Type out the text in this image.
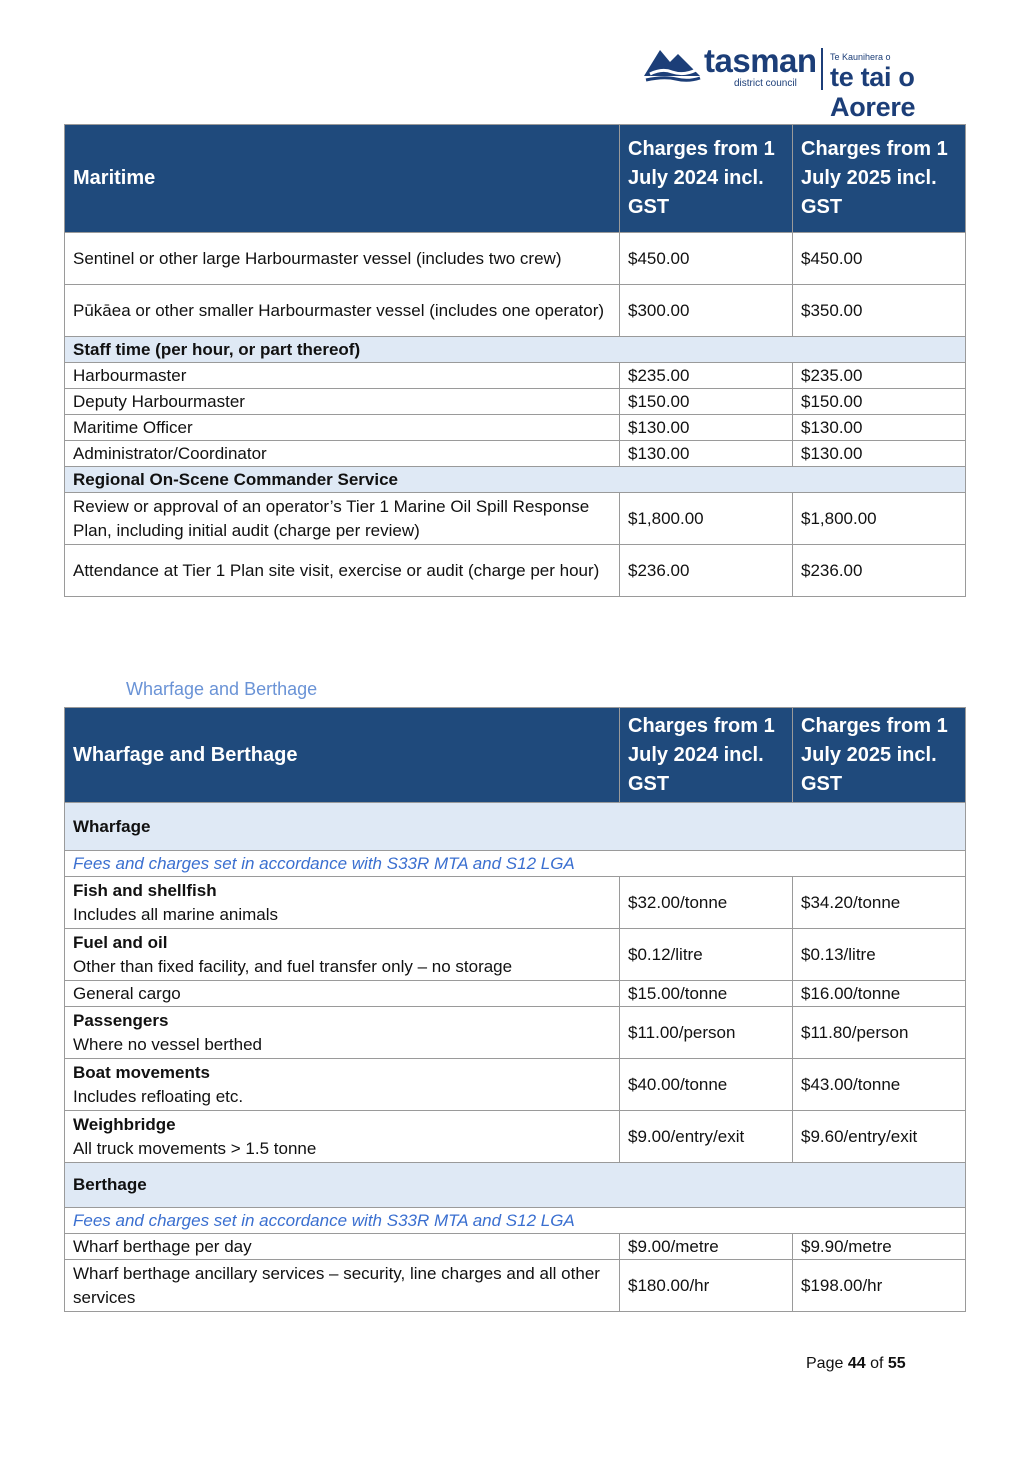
tasman
district council
Te Kaunihera o
te tai o Aorere
Maritime	Charges from 1 July 2024 incl. GST	Charges from 1 July 2025 incl. GST
Sentinel or other large Harbourmaster vessel (includes two crew)	$450.00	$450.00
Pūkāea or other smaller Harbourmaster vessel (includes one operator)	$300.00	$350.00
Staff time (per hour, or part thereof)		
Harbourmaster	$235.00	$235.00
Deputy Harbourmaster	$150.00	$150.00
Maritime Officer	$130.00	$130.00
Administrator/Coordinator	$130.00	$130.00
Regional On-Scene Commander Service		
Review or approval of an operator’s Tier 1 Marine Oil Spill Response Plan, including initial audit (charge per review)	$1,800.00	$1,800.00
Attendance at Tier 1 Plan site visit, exercise or audit (charge per hour)	$236.00	$236.00
Wharfage and Berthage
Wharfage and Berthage	Charges from 1 July 2024 incl. GST	Charges from 1 July 2025 incl. GST
Wharfage		
Fees and charges set in accordance with S33R MTA and S12 LGA		

Fish and shellfish
Includes all marine animals	$32.00/tonne	$34.20/tonne

Fuel and oil
Other than fixed facility, and fuel transfer only – no storage	$0.12/litre	$0.13/litre
General cargo	$15.00/tonne	$16.00/tonne

Passengers
Where no vessel berthed	$11.00/person	$11.80/person

Boat movements
Includes refloating etc.	$40.00/tonne	$43.00/tonne

Weighbridge
All truck movements > 1.5 tonne	$9.00/entry/exit	$9.60/entry/exit
Berthage		
Fees and charges set in accordance with S33R MTA and S12 LGA		
Wharf berthage per day	$9.00/metre	$9.90/metre
Wharf berthage ancillary services – security, line charges and all other services	$180.00/hr	$198.00/hr
Page 44 of 55
